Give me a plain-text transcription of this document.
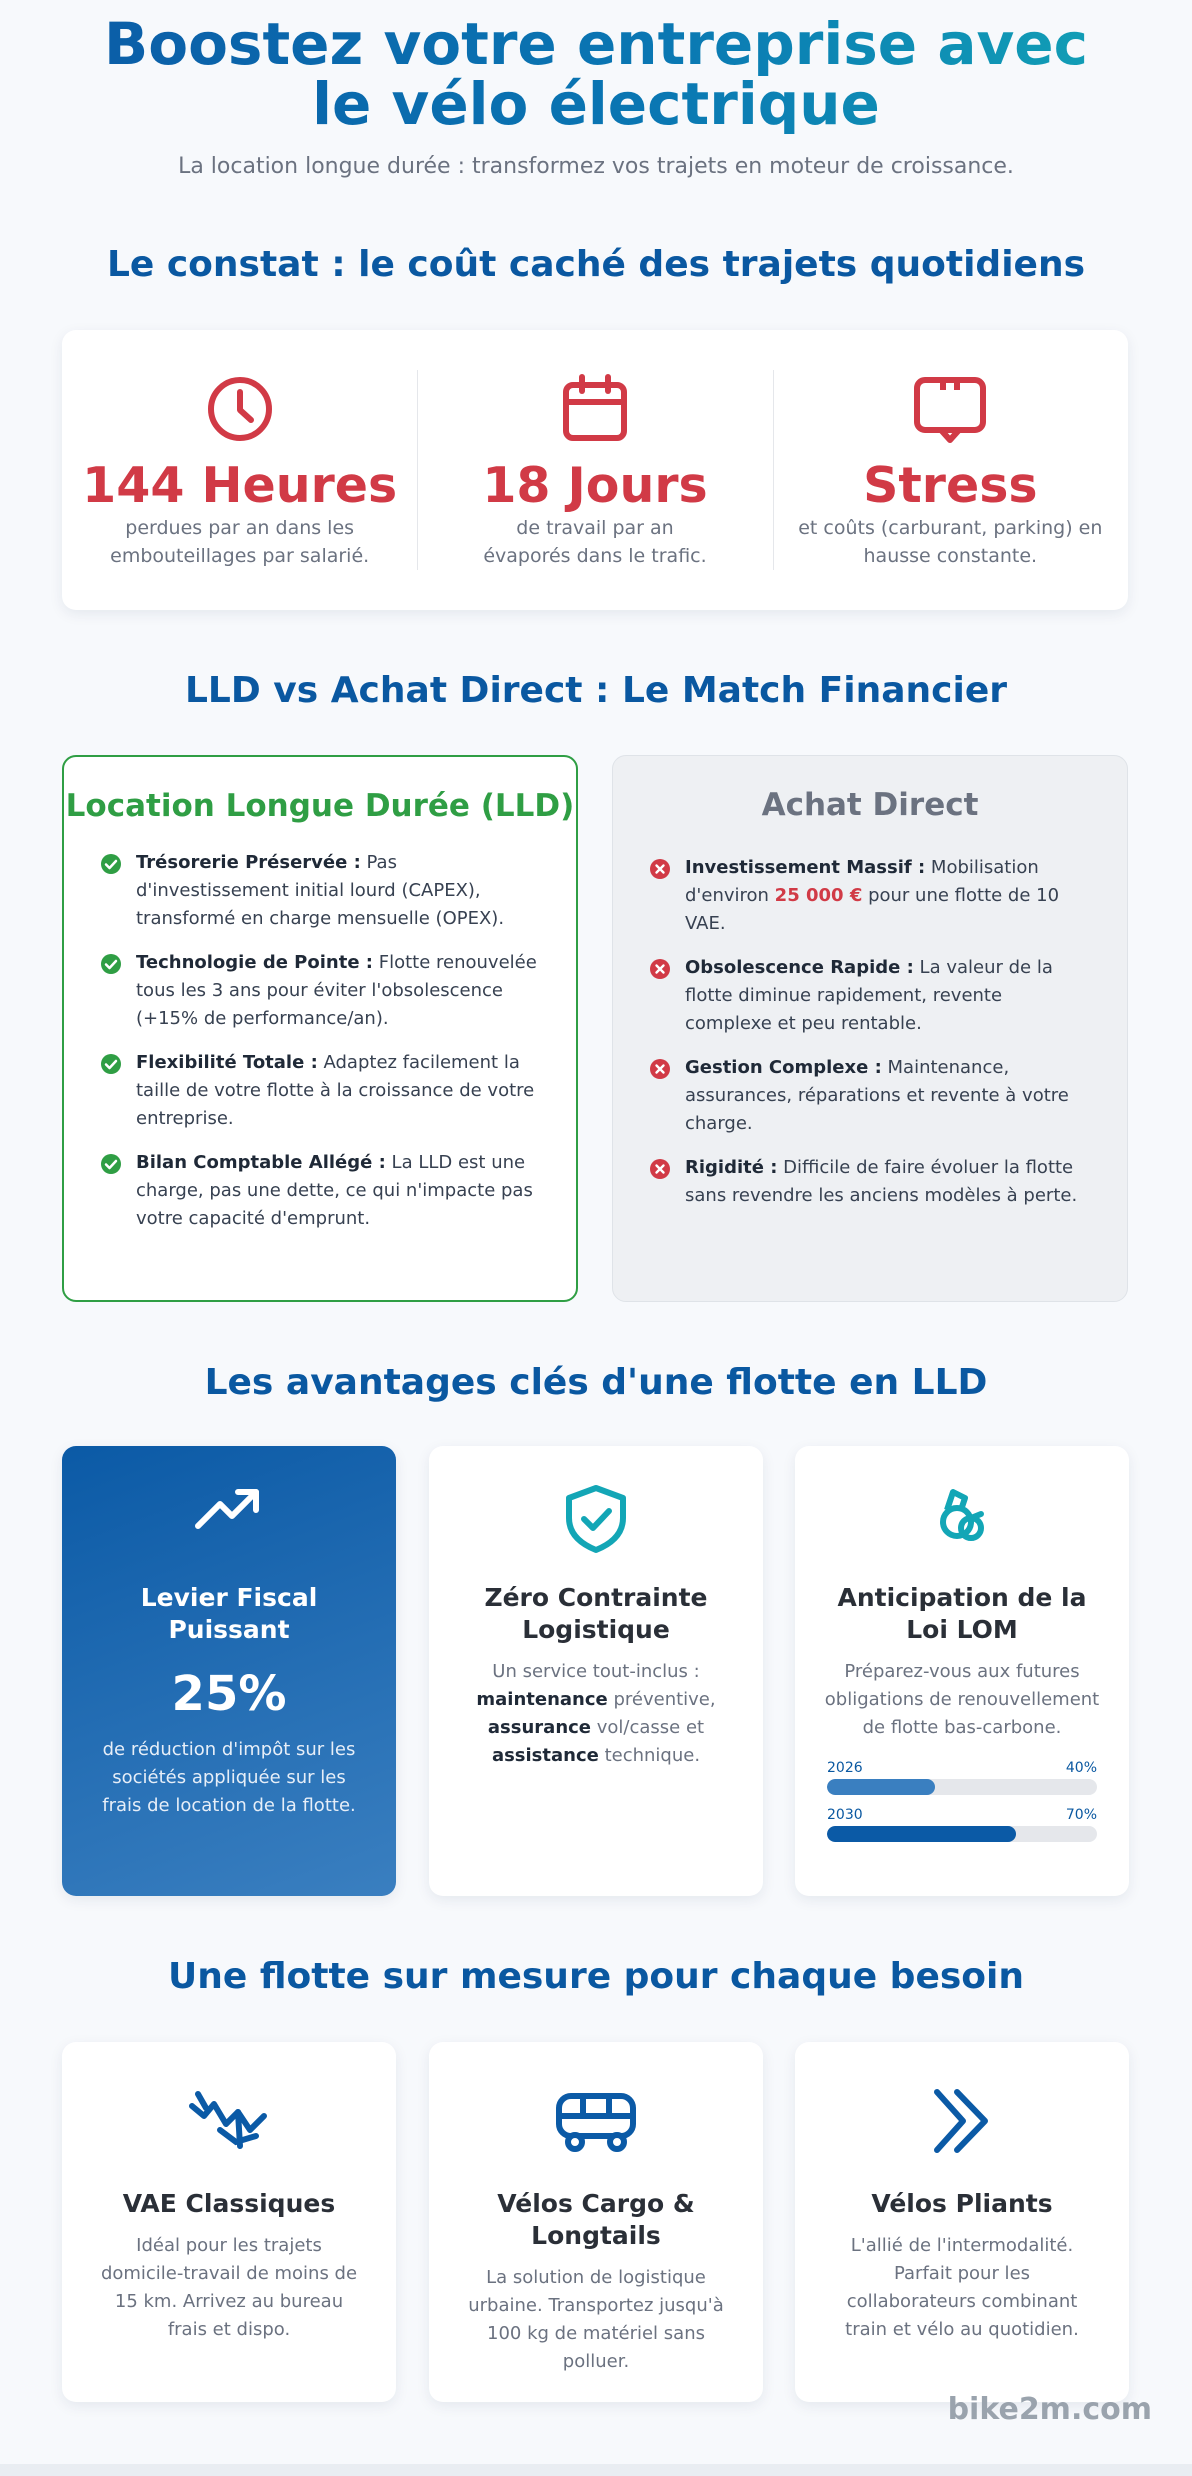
Boostez votre entreprise avec
le vélo électrique

La location longue durée : transformez vos trajets en moteur de croissance.

Le constat : le coût caché des trajets quotidiens
144 Heures
perdues par an dans les
embouteillages par salarié.
18 Jours
de travail par an
évaporés dans le trafic.
Stress
et coûts (carburant, parking) en
hausse constante.
LLD vs Achat Direct : Le Match Financier
Location Longue Durée (LLD)
Trésorerie Préservée : Pas d'investissement initial lourd (CAPEX), transformé en charge mensuelle (OPEX).
Technologie de Pointe : Flotte renouvelée tous les 3 ans pour éviter l'obsolescence (+15% de performance/an).
Flexibilité Totale : Adaptez facilement la taille de votre flotte à la croissance de votre entreprise.
Bilan Comptable Allégé : La LLD est une charge, pas une dette, ce qui n'impacte pas votre capacité d'emprunt.
Achat Direct
Investissement Massif : Mobilisation d'environ 25 000 € pour une flotte de 10 VAE.
Obsolescence Rapide : La valeur de la flotte diminue rapidement, revente complexe et peu rentable.
Gestion Complexe : Maintenance, assurances, réparations et revente à votre charge.
Rigidité : Difficile de faire évoluer la flotte sans revendre les anciens modèles à perte.
Les avantages clés d'une flotte en LLD
Levier Fiscal Puissant
25%

de réduction d'impôt sur les sociétés appliquée sur les frais de location de la flotte.

Zéro Contrainte Logistique

Un service tout-inclus : maintenance préventive, assurance vol/casse et assistance technique.

Anticipation de la Loi LOM

Préparez-vous aux futures obligations de renouvellement de flotte bas-carbone.

2026	40%
2030	70%
Une flotte sur mesure pour chaque besoin
VAE Classiques

Idéal pour les trajets domicile-travail de moins de 15 km. Arrivez au bureau frais et dispo.

Vélos Cargo & Longtails

La solution de logistique urbaine. Transportez jusqu'à 100 kg de matériel sans polluer.

Vélos Pliants

L'allié de l'intermodalité. Parfait pour les collaborateurs combinant train et vélo au quotidien.

bike2m.com
